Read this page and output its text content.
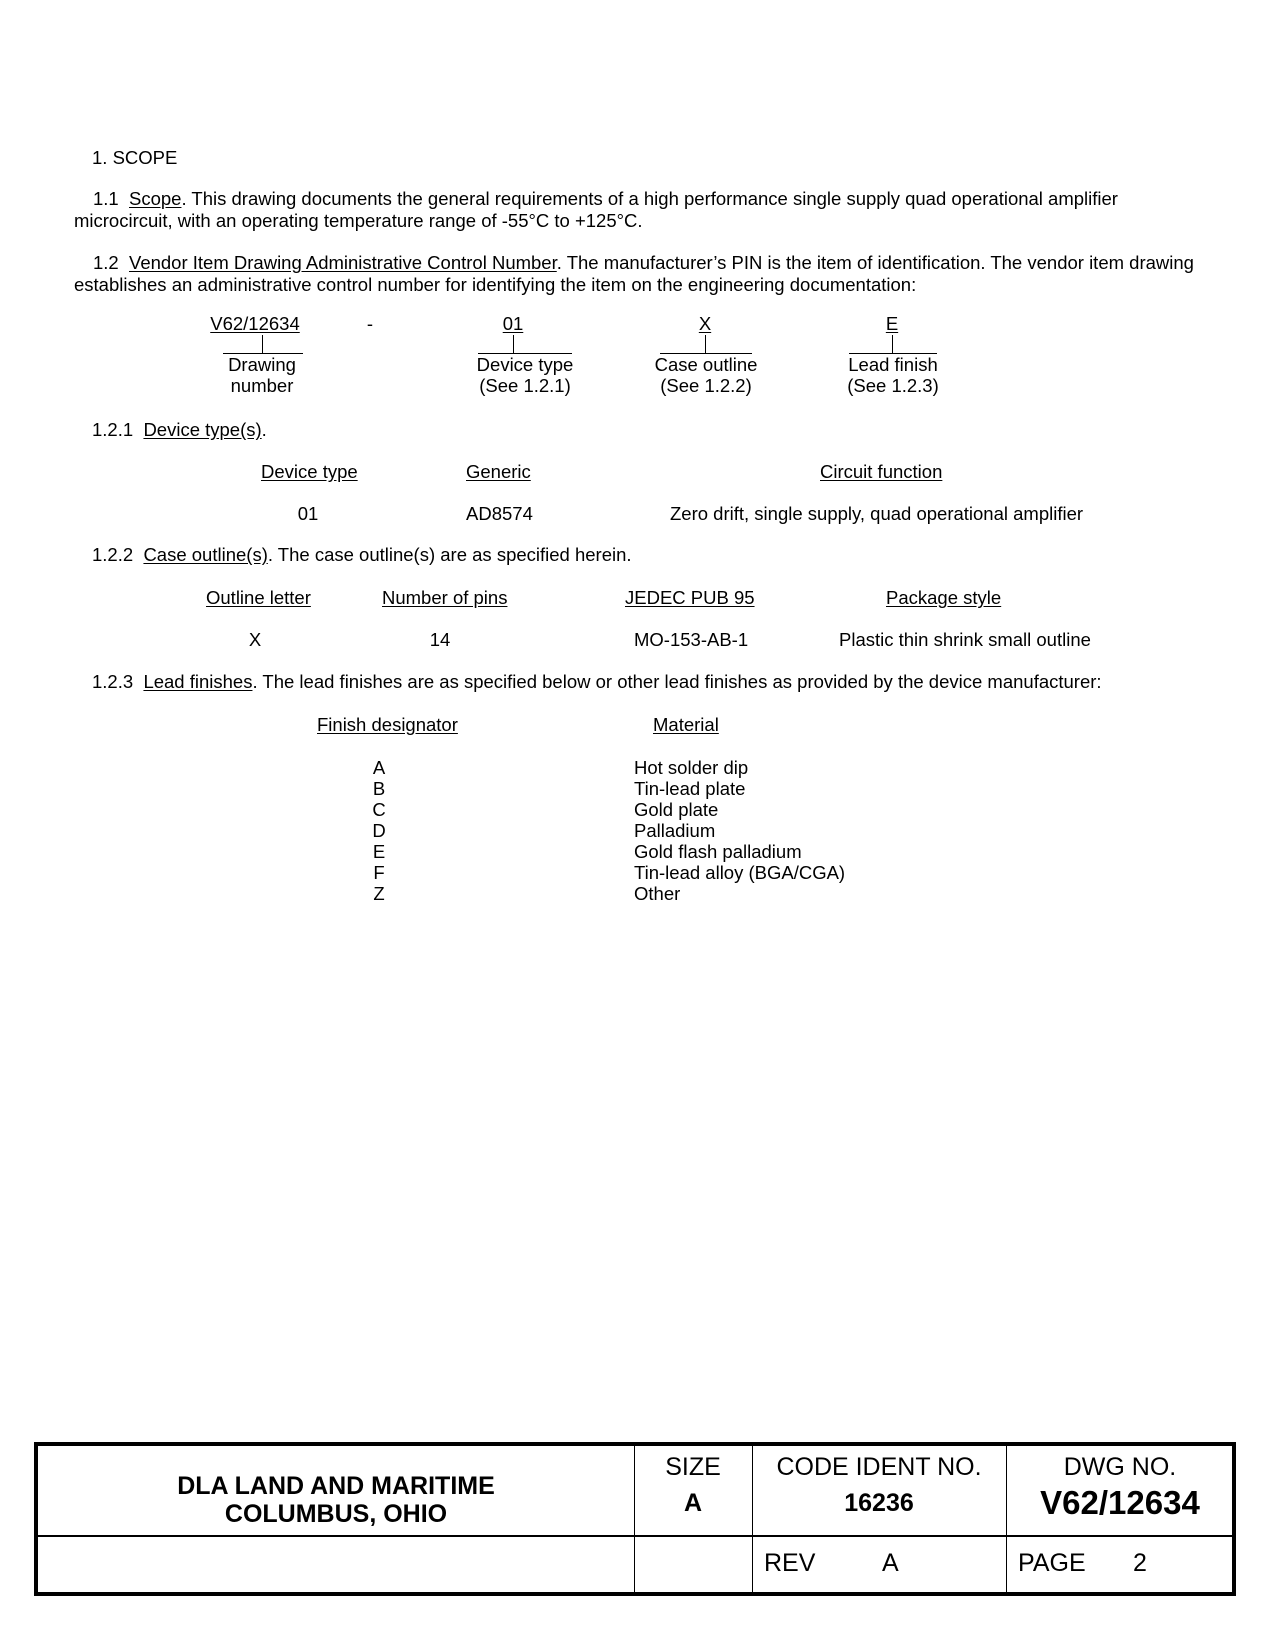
1. SCOPE
1.1 Scope. This drawing documents the general requirements of a high performance single supply quad operational amplifier microcircuit, with an operating temperature range of -55°C to +125°C.
1.2 Vendor Item Drawing Administrative Control Number. The manufacturer’s PIN is the item of identification. The vendor item drawing establishes an administrative control number for identifying the item on the engineering documentation:
V62/12634	-	01	X	E
Drawing
number
Device type
(See 1.2.1)
Case outline
(See 1.2.2)
Lead finish
(See 1.2.3)
1.2.1 Device type(s).
Device type	Generic	Circuit function
01	AD8574	Zero drift, single supply, quad operational amplifier
1.2.2 Case outline(s). The case outline(s) are as specified herein.
Outline letter	Number of pins	JEDEC PUB 95	Package style
X	14	MO-153-AB-1	Plastic thin shrink small outline
1.2.3 Lead finishes. The lead finishes are as specified below or other lead finishes as provided by the device manufacturer:
Finish designator	Material
A	Hot solder dip
B	Tin-lead plate
C	Gold plate
D	Palladium
E	Gold flash palladium
F	Tin-lead alloy (BGA/CGA)
Z	Other
DLA LAND AND MARITIME
COLUMBUS, OHIO
SIZE
A
CODE IDENT NO.
16236
DWG NO.
V62/12634
REV	A	PAGE 2
